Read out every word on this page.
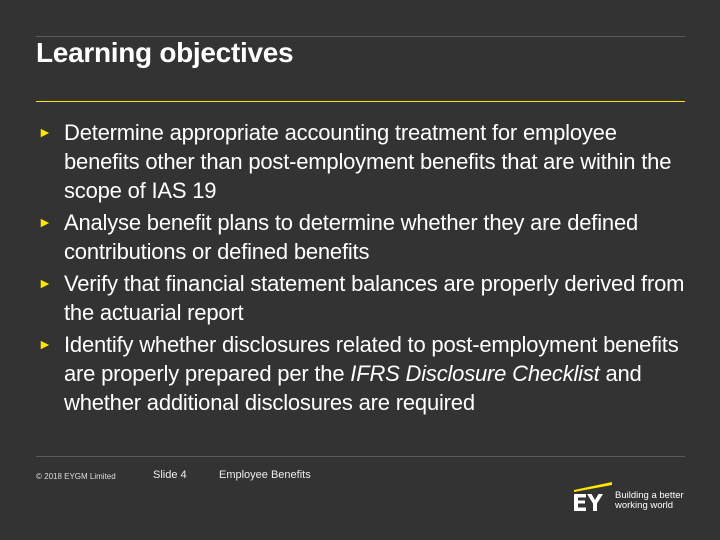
Learning objectives
► Determine appropriate accounting treatment for employee benefits other than post-employment benefits that are within the scope of IAS 19
► Analyse benefit plans to determine whether they are defined contributions or defined benefits
► Verify that financial statement balances are properly derived from the actuarial report
► Identify whether disclosures related to post-employment benefits are properly prepared per the IFRS Disclosure Checklist and whether additional disclosures are required
© 2018 EYGM Limited	Slide 4	Employee Benefits
Building a better
working world
